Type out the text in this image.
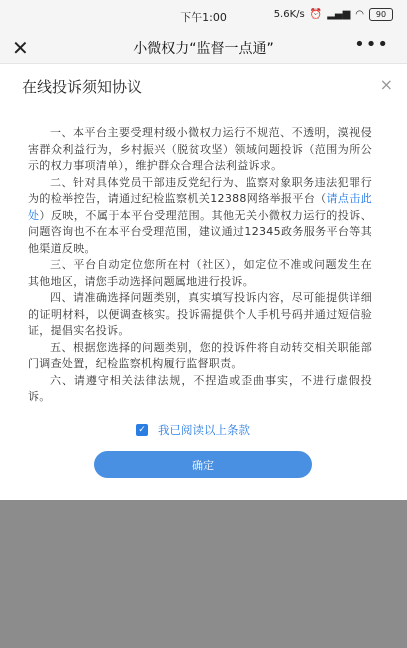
下午1:00	5.6K/s ⏰ ▂▄▆ ◠	90
✕	小微权力“监督一点通”	•••
在线投诉须知协议	×

一、本平台主要受理村级小微权力运行不规范、不透明，漠视侵害群众利益行为，乡村振兴（脱贫攻坚）领域问题投诉（范围为所公示的权力事项清单），维护群众合理合法利益诉求。

二、针对具体党员干部违反党纪行为、监察对象职务违法犯罪行为的检举控告，请通过纪检监察机关12388网络举报平台（请点击此处）反映，不属于本平台受理范围。其他无关小微权力运行的投诉、问题咨询也不在本平台受理范围，建议通过12345政务服务平台等其他渠道反映。

三、平台自动定位您所在村（社区），如定位不准或问题发生在其他地区，请您手动选择问题属地进行投诉。

四、请准确选择问题类别，真实填写投诉内容，尽可能提供详细的证明材料，以便调查核实。投诉需提供个人手机号码并通过短信验证，提倡实名投诉。

五、根据您选择的问题类别，您的投诉件将自动转交相关职能部门调查处置，纪检监察机构履行监督职责。

六、请遵守相关法律法规，不捏造或歪曲事实，不进行虚假投诉。

✓ 我已阅读以上条款
确定
